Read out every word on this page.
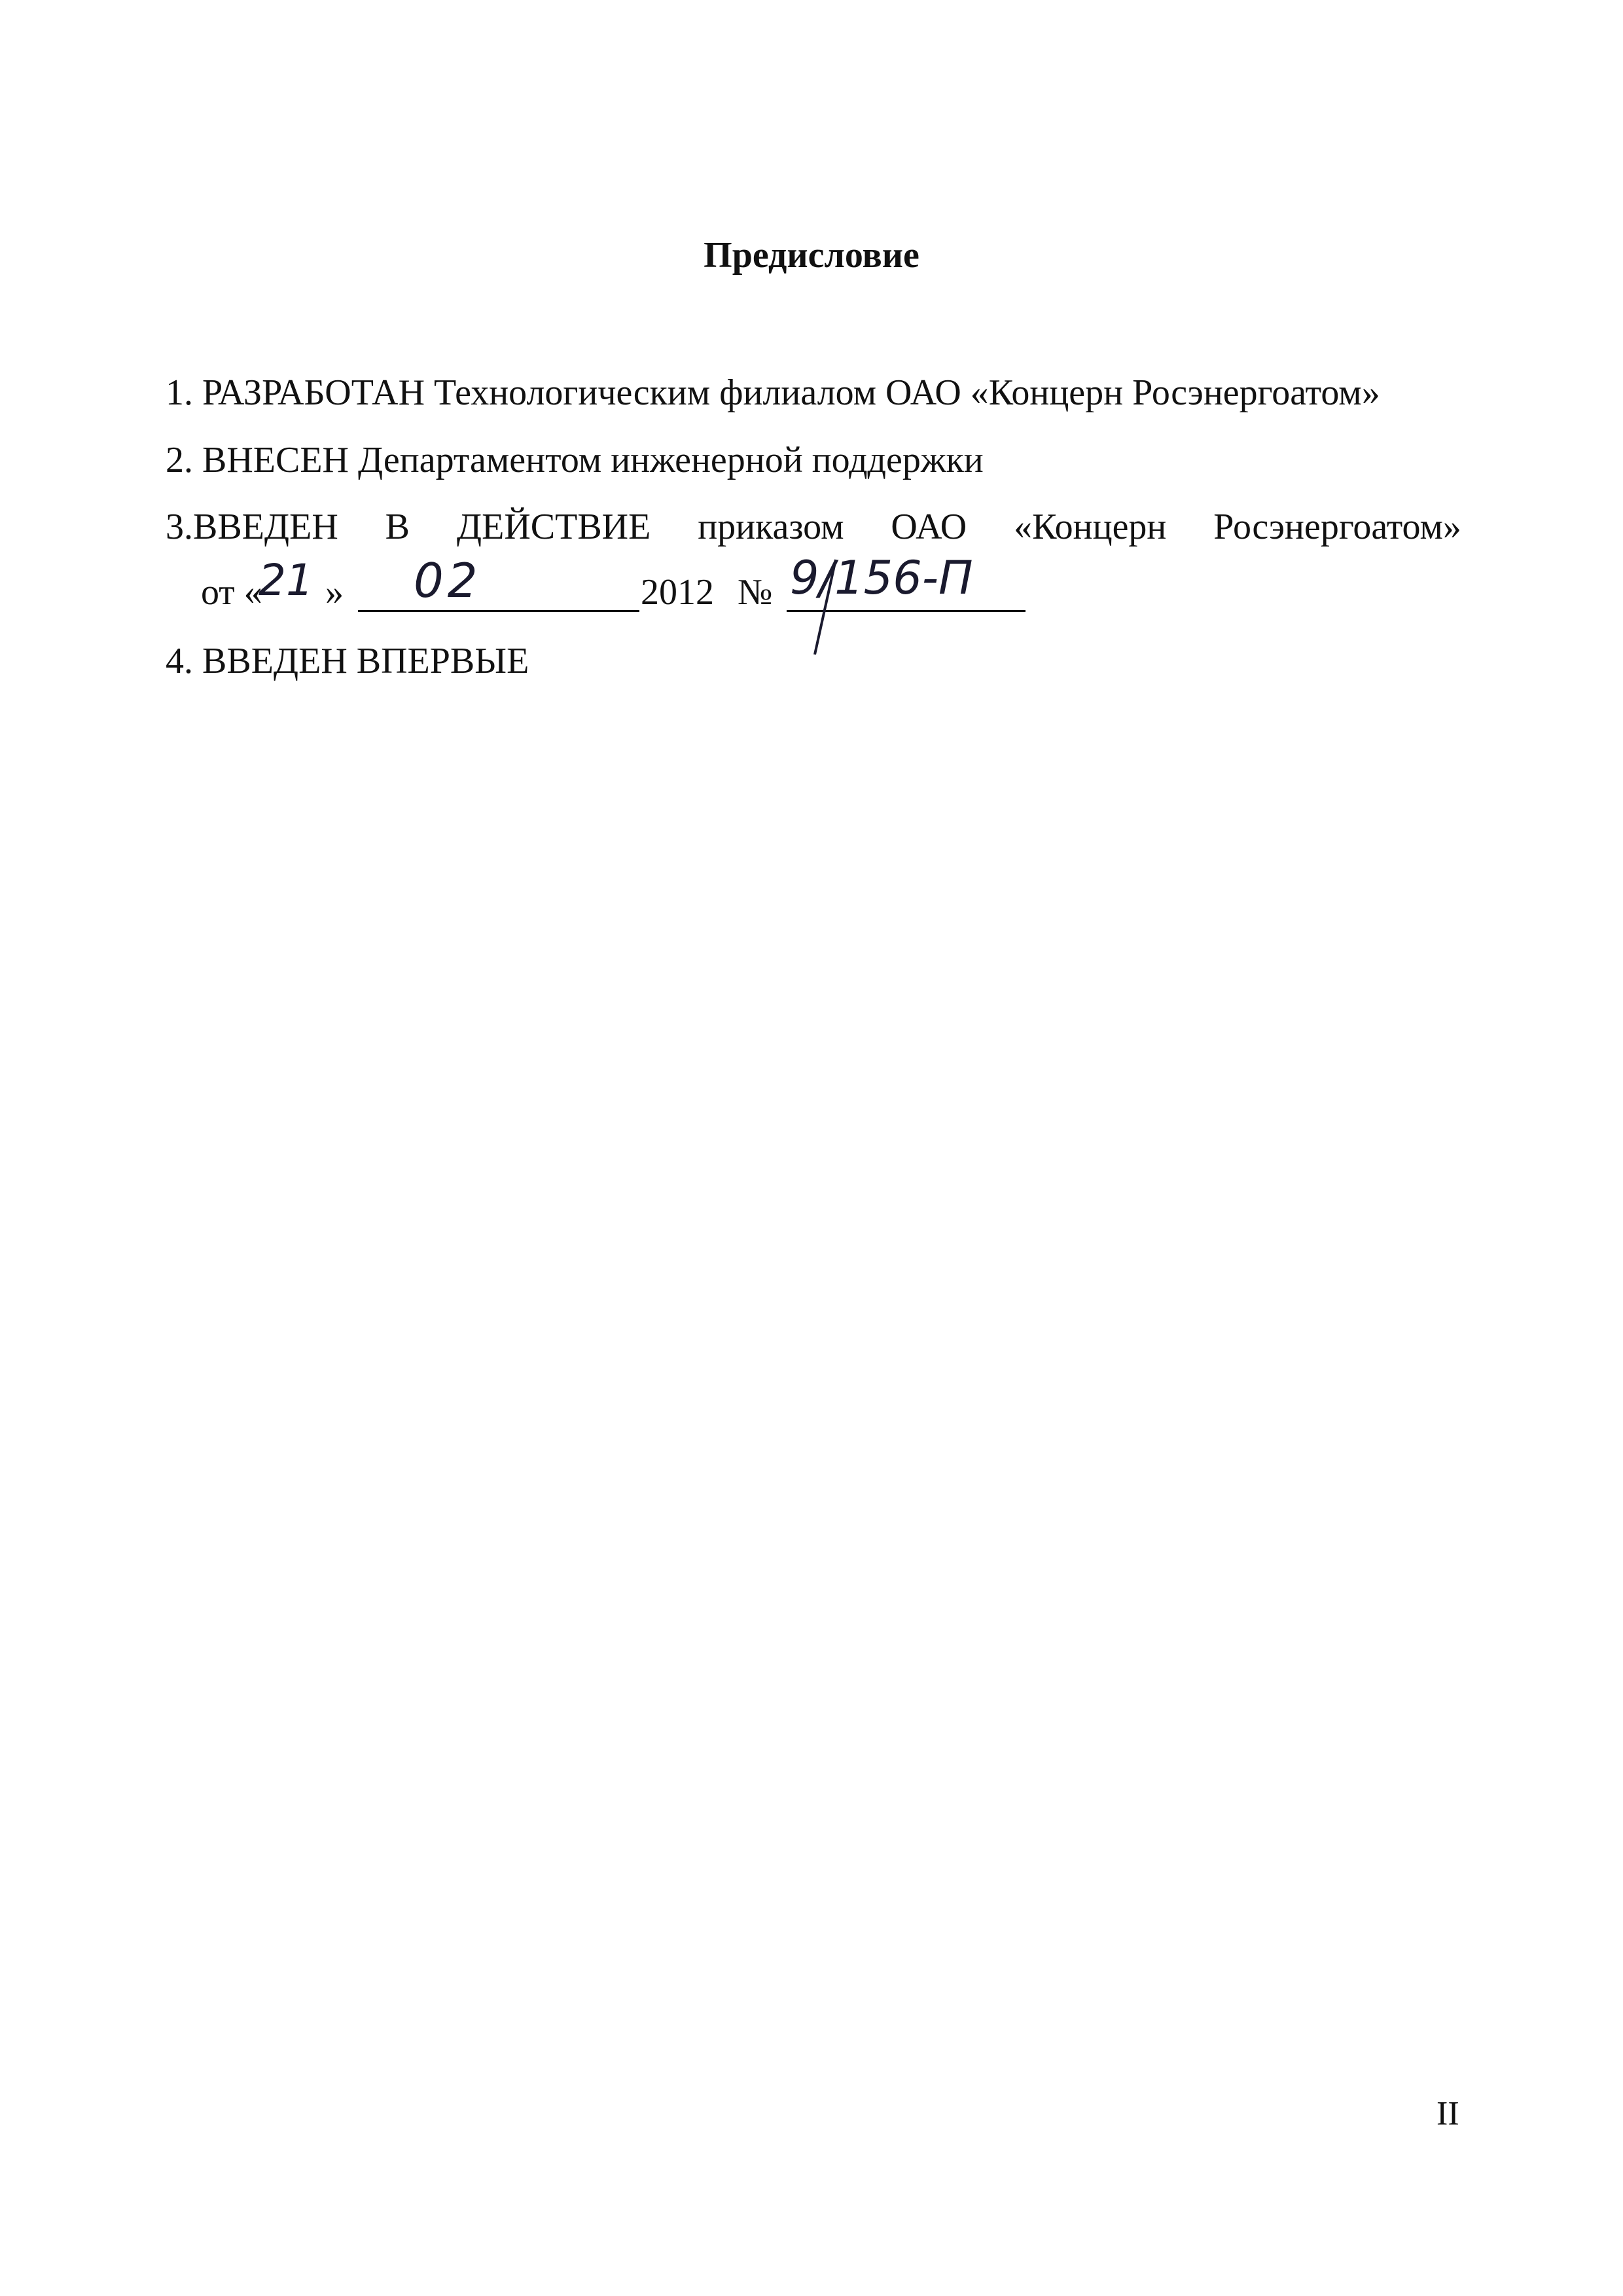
Предисловие
1. РАЗРАБОТАН Технологическим филиалом ОАО «Концерн Росэнергоатом»
2. ВНЕСЕН Департаментом инженерной поддержки
3.ВВЕДЕН В ДЕЙСТВИЕ приказом ОАО «Концерн Росэнергоатом»
от «
21 » 02	2012 № 9/156-П
4. ВВЕДЕН ВПЕРВЫЕ
II
